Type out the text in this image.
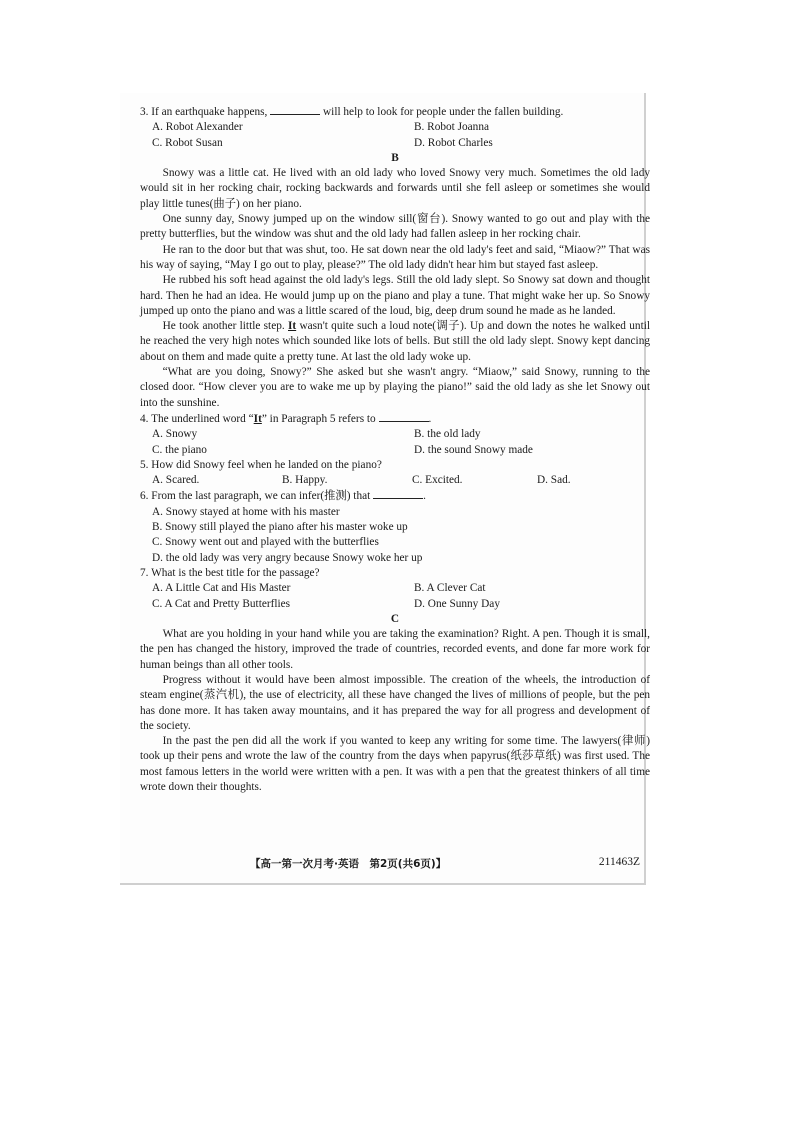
3. If an earthquake happens,	will help to look for people under the fallen building.

A. Robot Alexander	B. Robot Joanna
C. Robot Susan	D. Robot Charles

B

Snowy was a little cat. He lived with an old lady who loved Snowy very much. Sometimes the old lady would sit in her rocking chair, rocking backwards and forwards until she fell asleep or sometimes she would play little tunes(曲子) on her piano.

One sunny day, Snowy jumped up on the window sill(窗台). Snowy wanted to go out and play with the pretty butterflies, but the window was shut and the old lady had fallen asleep in her rocking chair.

He ran to the door but that was shut, too. He sat down near the old lady's feet and said, “Miaow?” That was his way of saying, “May I go out to play, please?” The old lady didn't hear him but stayed fast asleep.

He rubbed his soft head against the old lady's legs. Still the old lady slept. So Snowy sat down and thought hard. Then he had an idea. He would jump up on the piano and play a tune. That might wake her up. So Snowy jumped up onto the piano and was a little scared of the loud, big, deep drum sound he made as he landed.

He took another little step. It wasn't quite such a loud note(调子). Up and down the notes he walked until he reached the very high notes which sounded like lots of bells. But still the old lady slept. Snowy kept dancing about on them and made quite a pretty tune. At last the old lady woke up.

“What are you doing, Snowy?” She asked but she wasn't angry. “Miaow,” said Snowy, running to the closed door. “How clever you are to wake me up by playing the piano!” said the old lady as she let Snowy out into the sunshine.

4. The underlined word “It” in Paragraph 5 refers to	.

A. Snowy	B. the old lady
C. the piano	D. the sound Snowy made

5. How did Snowy feel when he landed on the piano?

A. Scared.	B. Happy.	C. Excited.	D. Sad.

6. From the last paragraph, we can infer(推测) that	.

A. Snowy stayed at home with his master

B. Snowy still played the piano after his master woke up

C. Snowy went out and played with the butterflies

D. the old lady was very angry because Snowy woke her up

7. What is the best title for the passage?

A. A Little Cat and His Master	B. A Clever Cat
C. A Cat and Pretty Butterflies	D. One Sunny Day

C

What are you holding in your hand while you are taking the examination? Right. A pen. Though it is small, the pen has changed the history, improved the trade of countries, recorded events, and done far more work for human beings than all other tools.

Progress without it would have been almost impossible. The creation of the wheels, the introduction of steam engine(蒸汽机), the use of electricity, all these have changed the lives of millions of people, but the pen has done more. It has taken away mountains, and it has prepared the way for all progress and development of the society.

In the past the pen did all the work if you wanted to keep any writing for some time. The lawyers(律师) took up their pens and wrote the law of the country from the days when papyrus(纸莎草纸) was first used. The most famous letters in the world were written with a pen. It was with a pen that the greatest thinkers of all time wrote down their thoughts.

【高一第一次月考·英语　第2页(共6页)】	211463Z
